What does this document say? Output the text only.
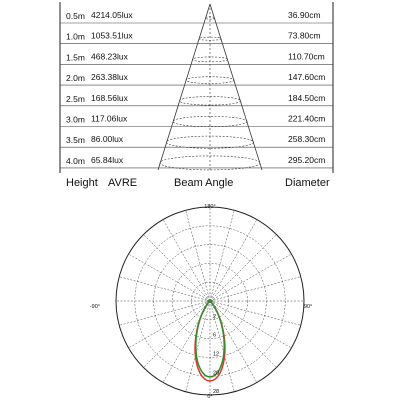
0.5m 4214.05lux	36.90cm
1.0m 1053.51lux	73.80cm
1.5m 468.23lux	110.70cm
2.0m 263.38lux	147.60cm
2.5m 168.56lux	184.50cm
3.0m 117.06lux	221.40cm
3.5m 86.00lux	258.30cm
4.0m 65.84lux	295.20cm
Height AVRE	Beam Angle	Diameter
2
6
12
20
28
180°
-90°	90°
0°
